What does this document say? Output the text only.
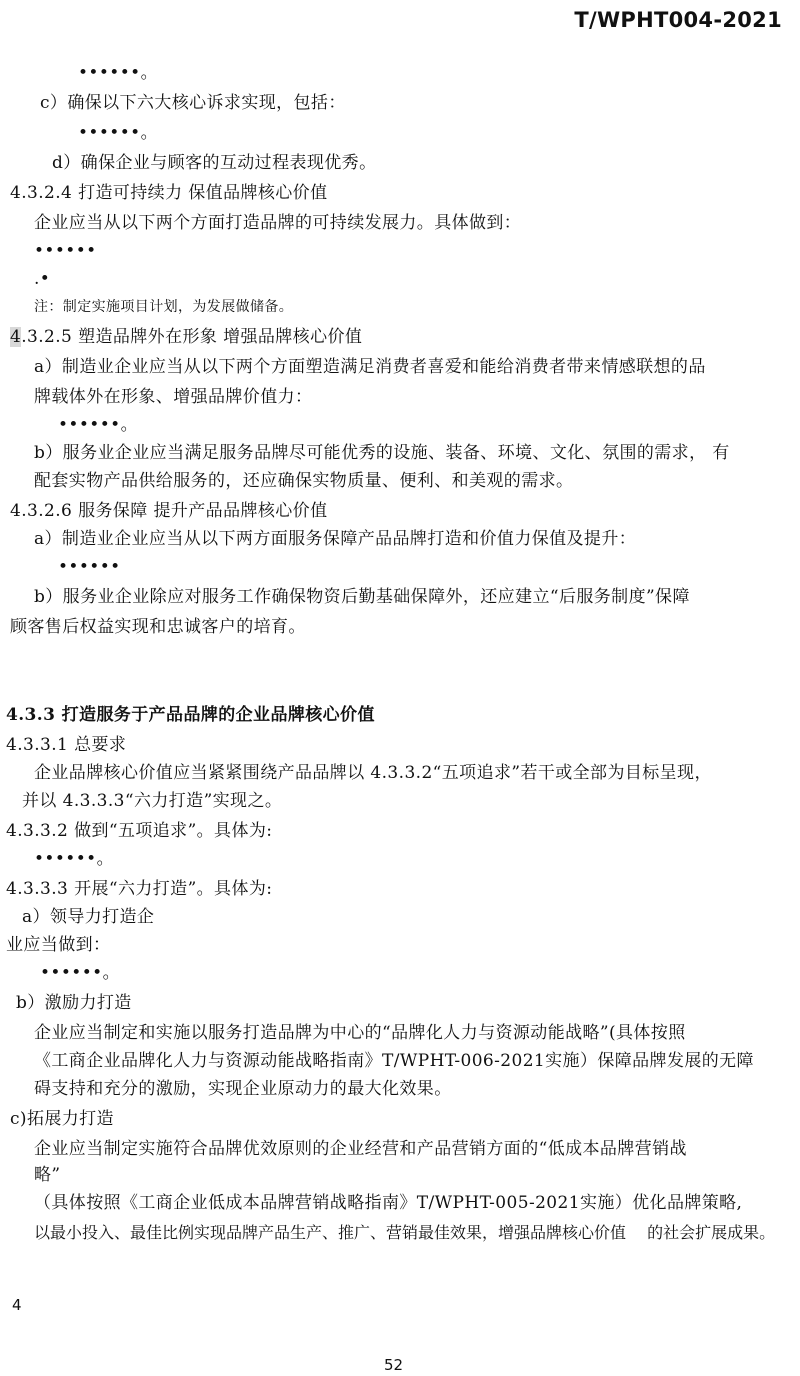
T/WPHT004-2021
••••••。
c）确保以下六大核心诉求实现，包括：
••••••。
d）确保企业与顾客的互动过程表现优秀。
4.3.2.4 打造可持续力 保值品牌核心价值
企业应当从以下两个方面打造品牌的可持续发展力。具体做到：
••••••
.•
注：制定实施项目计划，为发展做储备。
4.3.2.5 塑造品牌外在形象 增强品牌核心价值
a）制造业企业应当从以下两个方面塑造满足消费者喜爱和能给消费者带来情感联想的品
牌载体外在形象、增强品牌价值力：
••••••。
b）服务业企业应当满足服务品牌尽可能优秀的设施、装备、环境、文化、氛围的需求， 有
配套实物产品供给服务的，还应确保实物质量、便利、和美观的需求。
4.3.2.6 服务保障 提升产品品牌核心价值
a）制造业企业应当从以下两方面服务保障产品品牌打造和价值力保值及提升：
••••••
b）服务业企业除应对服务工作确保物资后勤基础保障外，还应建立“后服务制度”保障
顾客售后权益实现和忠诚客户的培育。
4.3.3 打造服务于产品品牌的企业品牌核心价值
4.3.3.1 总要求
企业品牌核心价值应当紧紧围绕产品品牌以 4.3.3.2“五项追求”若干或全部为目标呈现，
并以 4.3.3.3“六力打造”实现之。
4.3.3.2 做到“五项追求”。具体为:
••••••。
4.3.3.3 开展“六力打造”。具体为:
a）领导力打造企
业应当做到：
••••••。
b）激励力打造
企业应当制定和实施以服务打造品牌为中心的“品牌化人力与资源动能战略”(具体按照
《工商企业品牌化人力与资源动能战略指南》T/WPHT-006-2021实施）保障品牌发展的无障
碍支持和充分的激励，实现企业原动力的最大化效果。
c)拓展力打造
企业应当制定实施符合品牌优效原则的企业经营和产品营销方面的“低成本品牌营销战
略”
（具体按照《工商企业低成本品牌营销战略指南》T/WPHT-005-2021实施）优化品牌策略,
以最小投入、最佳比例实现品牌产品生产、推广、营销最佳效果，增强品牌核心价值　 的社会扩展成果。
4
52
